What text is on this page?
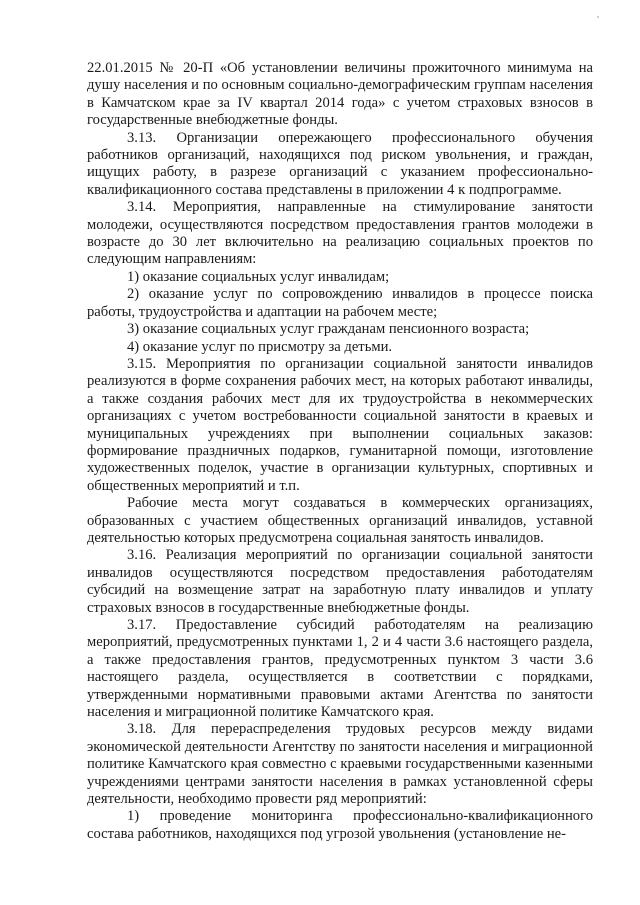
22.01.2015 № 20-П «Об установлении величины прожиточного минимума на душу населения и по основным социально-демографическим группам населения в Камчатском крае за IV квартал 2014 года» с учетом страховых взносов в государственные внебюджетные фонды.

3.13. Организации опережающего профессионального обучения работников организаций, находящихся под риском увольнения, и граждан, ищущих работу, в разрезе организаций с указанием профессионально-квалификационного состава представлены в приложении 4 к подпрограмме.

3.14. Мероприятия, направленные на стимулирование занятости молодежи, осуществляются посредством предоставления грантов молодежи в возрасте до 30 лет включительно на реализацию социальных проектов по следующим направлениям:

1) оказание социальных услуг инвалидам;

2) оказание услуг по сопровождению инвалидов в процессе поиска работы, трудоустройства и адаптации на рабочем месте;

3) оказание социальных услуг гражданам пенсионного возраста;

4) оказание услуг по присмотру за детьми.

3.15. Мероприятия по организации социальной занятости инвалидов реализуются в форме сохранения рабочих мест, на которых работают инвалиды, а также создания рабочих мест для их трудоустройства в некоммерческих организациях с учетом востребованности социальной занятости в краевых и муниципальных учреждениях при выполнении социальных заказов: формирование праздничных подарков, гуманитарной помощи, изготовление художественных поделок, участие в организации культурных, спортивных и общественных мероприятий и т.п.

Рабочие места могут создаваться в коммерческих организациях, образованных с участием общественных организаций инвалидов, уставной деятельностью которых предусмотрена социальная занятость инвалидов.

3.16. Реализация мероприятий по организации социальной занятости инвалидов осуществляются посредством предоставления работодателям субсидий на возмещение затрат на заработную плату инвалидов и уплату страховых взносов в государственные внебюджетные фонды.

3.17. Предоставление субсидий работодателям на реализацию мероприятий, предусмотренных пунктами 1, 2 и 4 части 3.6 настоящего раздела, а также предоставления грантов, предусмотренных пунктом 3 части 3.6 настоящего раздела, осуществляется в соответствии с порядками, утвержденными нормативными правовыми актами Агентства по занятости населения и миграционной политике Камчатского края.

3.18. Для перераспределения трудовых ресурсов между видами экономической деятельности Агентству по занятости населения и миграционной политике Камчатского края совместно с краевыми государственными казенными учреждениями центрами занятости населения в рамках установленной сферы деятельности, необходимо провести ряд мероприятий:

1) проведение мониторинга профессионально-квалификационного состава работников, находящихся под угрозой увольнения (установление не-
